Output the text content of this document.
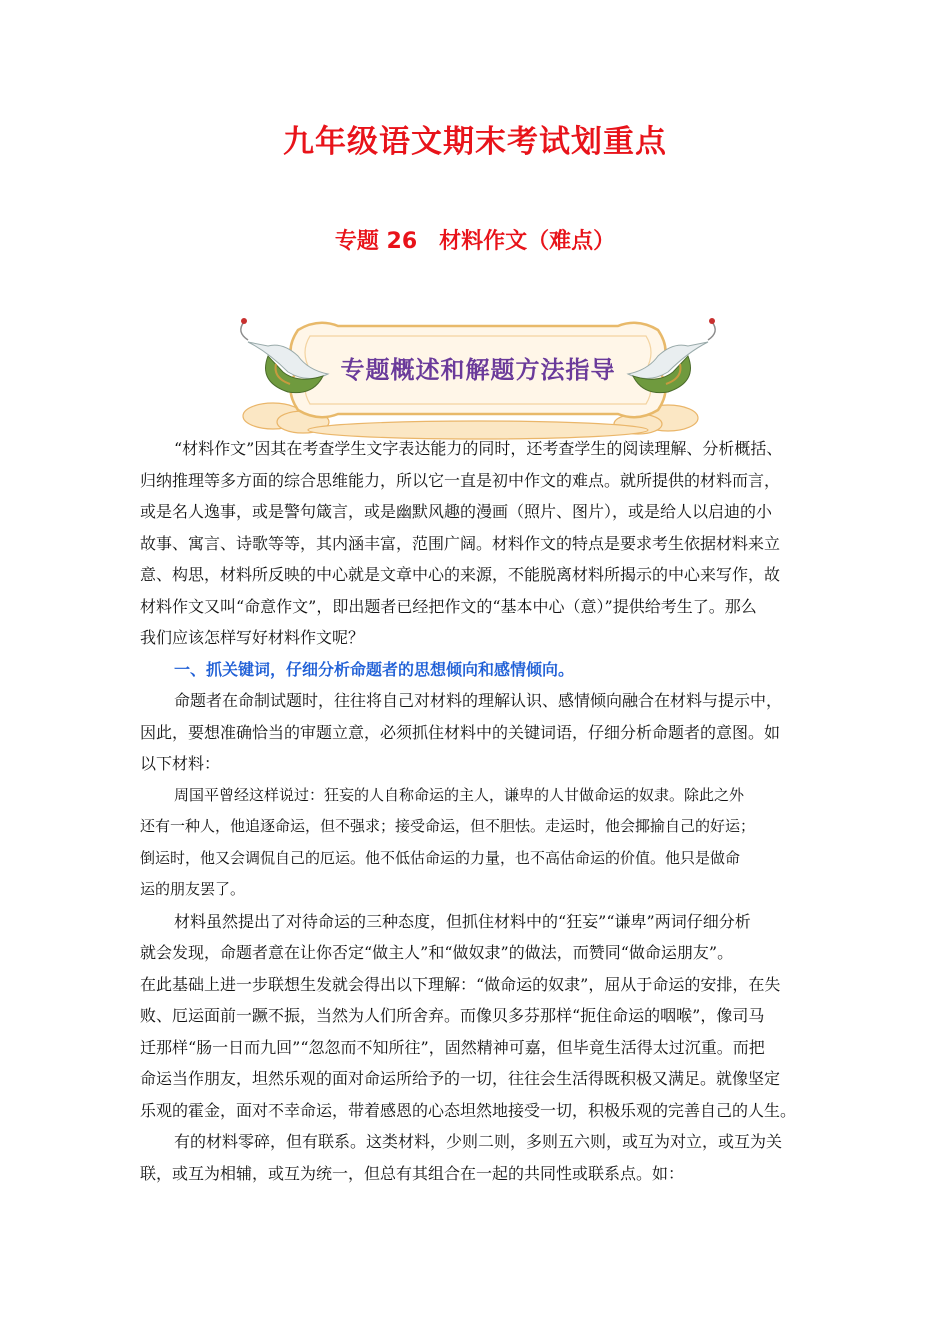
九年级语文期末考试划重点
专题 26　材料作文（难点）
专题概述和解题方法指导
“材料作文”因其在考查学生文字表达能力的同时，还考查学生的阅读理解、分析概括、
归纳推理等多方面的综合思维能力，所以它一直是初中作文的难点。就所提供的材料而言，
或是名人逸事，或是警句箴言，或是幽默风趣的漫画（照片、图片），或是给人以启迪的小
故事、寓言、诗歌等等，其内涵丰富，范围广阔。材料作文的特点是要求考生依据材料来立
意、构思，材料所反映的中心就是文章中心的来源，不能脱离材料所揭示的中心来写作，故
材料作文又叫“命意作文”，即出题者已经把作文的“基本中心（意）”提供给考生了。那么
我们应该怎样写好材料作文呢？
一、抓关键词，仔细分析命题者的思想倾向和感情倾向。
命题者在命制试题时，往往将自己对材料的理解认识、感情倾向融合在材料与提示中，
因此，要想准确恰当的审题立意，必须抓住材料中的关键词语，仔细分析命题者的意图。如
以下材料：
周国平曾经这样说过：狂妄的人自称命运的主人，谦卑的人甘做命运的奴隶。除此之外
还有一种人，他追逐命运，但不强求；接受命运，但不胆怯。走运时，他会揶揄自己的好运；
倒运时，他又会调侃自己的厄运。他不低估命运的力量，也不高估命运的价值。他只是做命
运的朋友罢了。
材料虽然提出了对待命运的三种态度，但抓住材料中的“狂妄”“谦卑”两词仔细分析
就会发现，命题者意在让你否定“做主人”和“做奴隶”的做法，而赞同“做命运朋友”。
在此基础上进一步联想生发就会得出以下理解：“做命运的奴隶”，屈从于命运的安排，在失
败、厄运面前一蹶不振，当然为人们所舍弃。而像贝多芬那样“扼住命运的咽喉”，像司马
迁那样“肠一日而九回”“忽忽而不知所往”，固然精神可嘉，但毕竟生活得太过沉重。而把
命运当作朋友，坦然乐观的面对命运所给予的一切，往往会生活得既积极又满足。就像坚定
乐观的霍金，面对不幸命运，带着感恩的心态坦然地接受一切，积极乐观的完善自己的人生。
有的材料零碎，但有联系。这类材料，少则二则，多则五六则，或互为对立，或互为关
联，或互为相辅，或互为统一，但总有其组合在一起的共同性或联系点。如：
